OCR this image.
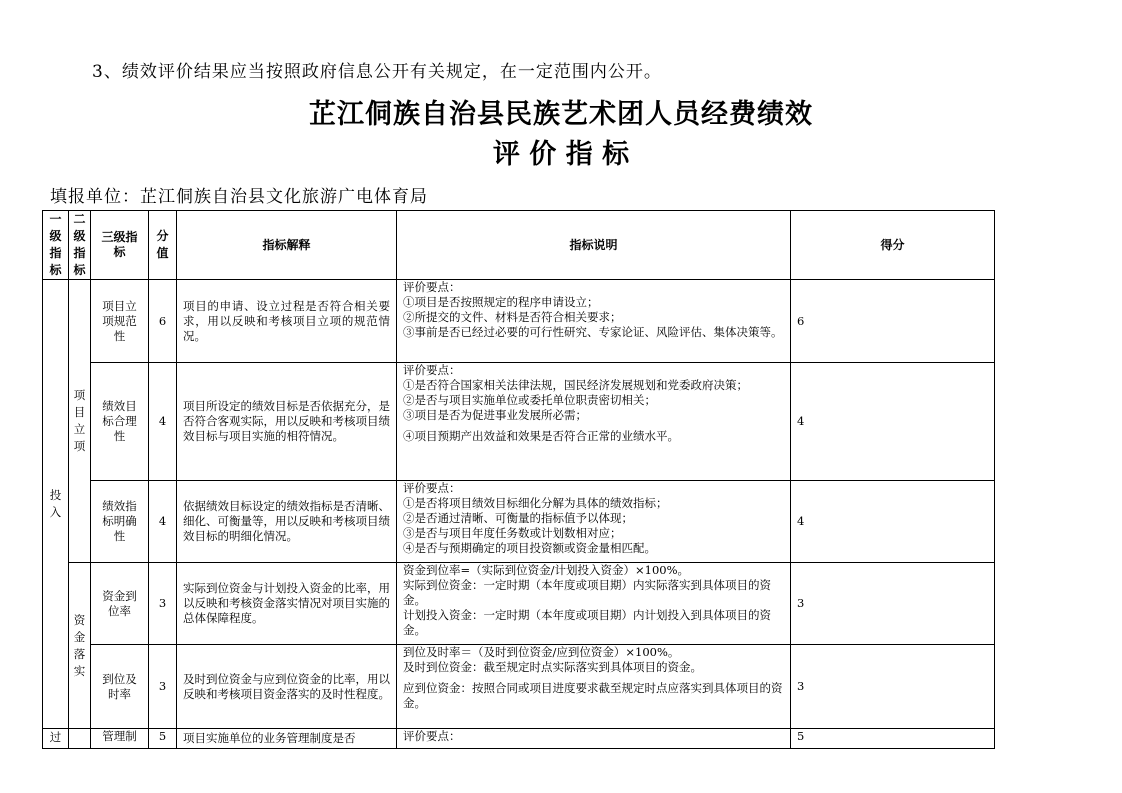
3、绩效评价结果应当按照政府信息公开有关规定，在一定范围内公开。
芷江侗族自治县民族艺术团人员经费绩效
评 价 指 标
填报单位：芷江侗族自治县文化旅游广电体育局
一级指标	二级指标	三级指标	分值	指标解释	指标说明	得分
投入	项目立项	项目立项规范性	6	项目的申请、设立过程是否符合相关要求，用以反映和考核项目立项的规范情况。	评价要点：
①项目是否按照规定的程序申请设立；
②所提交的文件、材料是否符合相关要求；
③事前是否已经过必要的可行性研究、专家论证、风险评估、集体决策等。	6
		绩效目标合理性	4	项目所设定的绩效目标是否依据充分，是否符合客观实际，用以反映和考核项目绩效目标与项目实施的相符情况。	评价要点：
①是否符合国家相关法律法规，国民经济发展规划和党委政府决策；
②是否与项目实施单位或委托单位职责密切相关；
③项目是否为促进事业发展所必需；
④项目预期产出效益和效果是否符合正常的业绩水平。	4
		绩效指标明确性	4	依据绩效目标设定的绩效指标是否清晰、细化、可衡量等，用以反映和考核项目绩效目标的明细化情况。	评价要点：
①是否将项目绩效目标细化分解为具体的绩效指标；
②是否通过清晰、可衡量的指标值予以体现；
③是否与项目年度任务数或计划数相对应；
④是否与预期确定的项目投资额或资金量相匹配。	4
	资金落实	资金到位率	3	实际到位资金与计划投入资金的比率，用以反映和考核资金落实情况对项目实施的总体保障程度。	资金到位率=（实际到位资金/计划投入资金）×100%。
实际到位资金：一定时期（本年度或项目期）内实际落实到具体项目的资金。
计划投入资金：一定时期（本年度或项目期）内计划投入到具体项目的资金。	3
		到位及时率	3	及时到位资金与应到位资金的比率，用以反映和考核项目资金落实的及时性程度。	到位及时率＝（及时到位资金/应到位资金）×100%。
及时到位资金：截至规定时点实际落实到具体项目的资金。
应到位资金：按照合同或项目进度要求截至规定时点应落实到具体项目的资金。	3
过		管理制	5	项目实施单位的业务管理制度是否	评价要点：	5
